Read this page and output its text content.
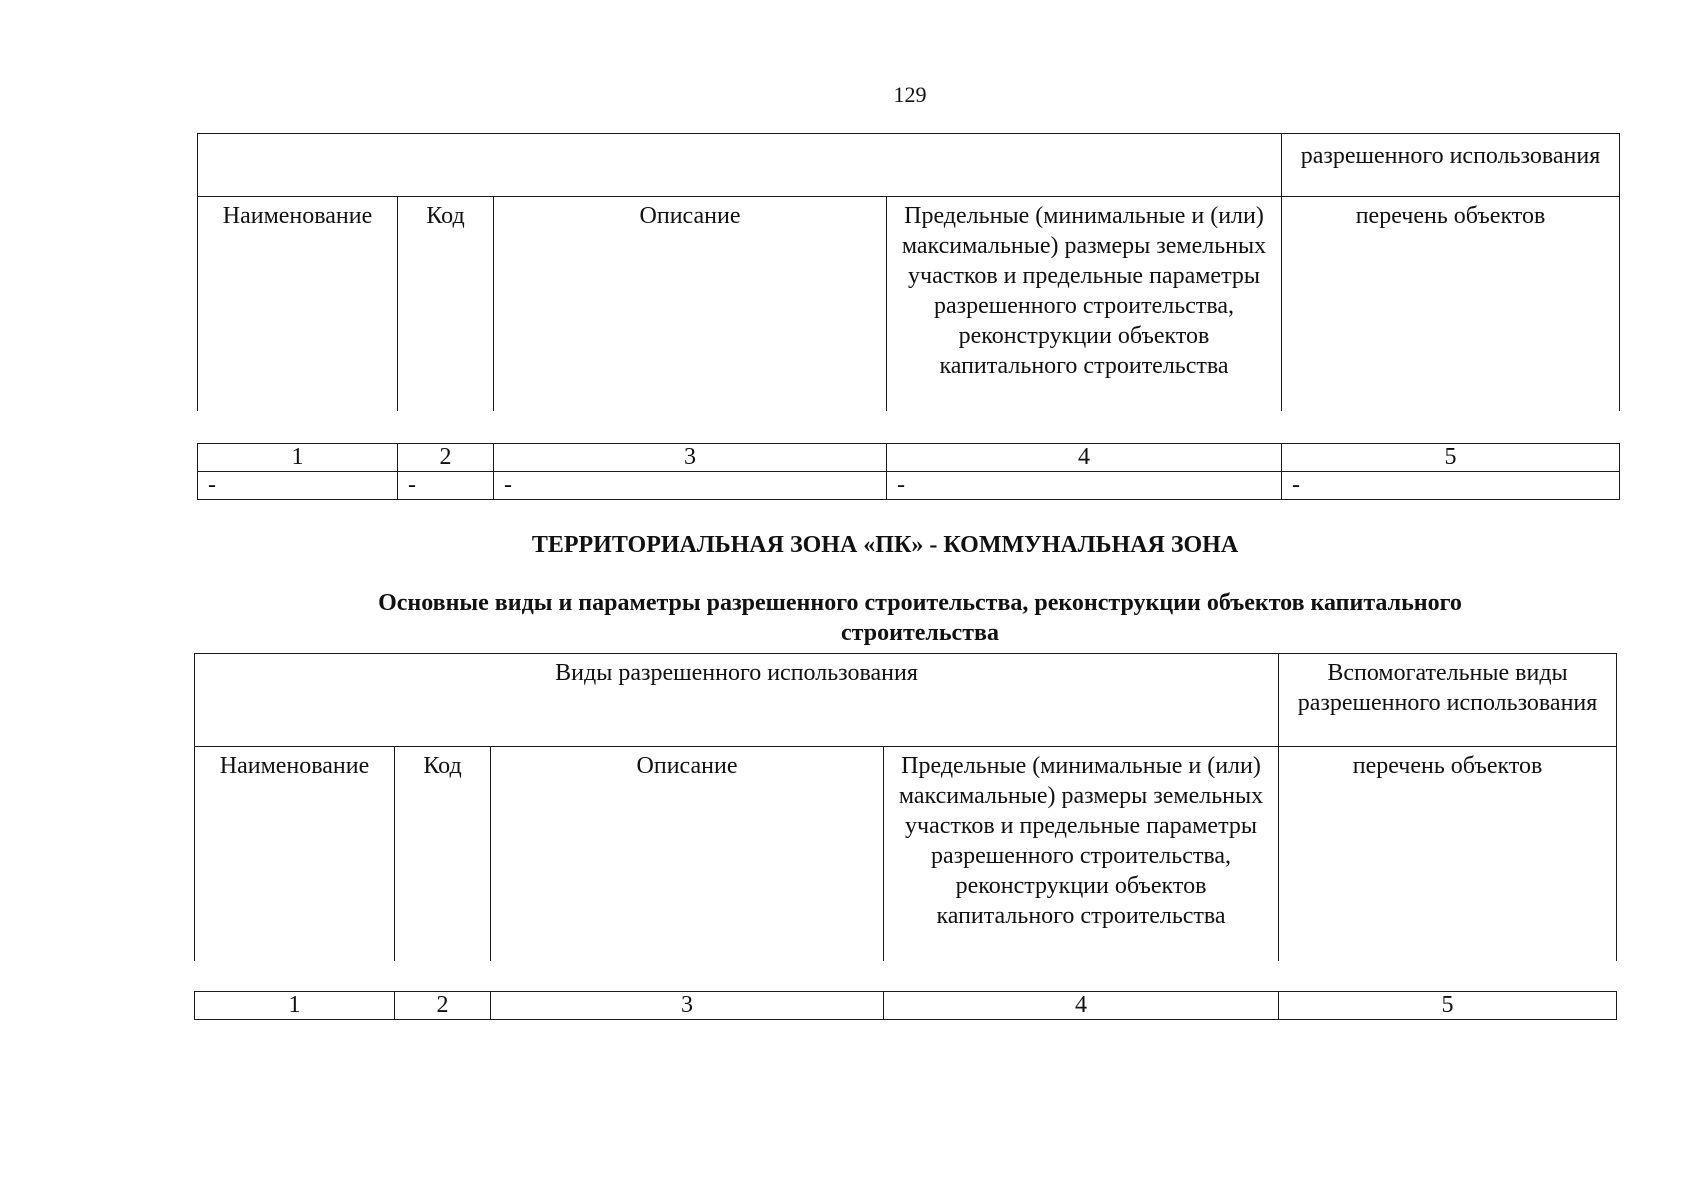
129
				разрешенного использования
Наименование	Код	Описание	Предельные (минимальные и (или) максимальные) размеры земельных участков и предельные параметры разрешенного строительства, реконструкции объектов капитального строительства	перечень объектов
1	2	3	4	5
-	-	-	-	-
ТЕРРИТОРИАЛЬНАЯ ЗОНА «ПК» - КОММУНАЛЬНАЯ ЗОНА
Основные виды и параметры разрешенного строительства, реконструкции объектов капитального строительства
Виды разрешенного использования				Вспомогательные виды разрешенного использования
Наименование	Код	Описание	Предельные (минимальные и (или) максимальные) размеры земельных участков и предельные параметры разрешенного строительства, реконструкции объектов капитального строительства	перечень объектов
1	2	3	4	5
